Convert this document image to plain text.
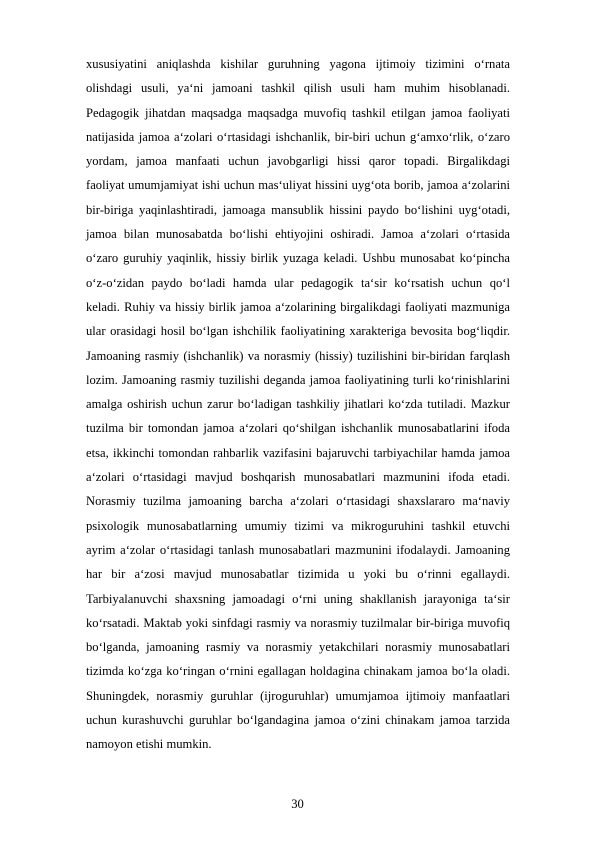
xususiyatini aniqlashda kishilar guruhning yagona ijtimoiy tizimini o‘rnata
olishdagi usuli, ya‘ni jamoani tashkil qilish usuli ham muhim hisoblanadi.
Pedagogik jihatdan maqsadga maqsadga muvofiq tashkil etilgan jamoa faoliyati
natijasida jamoa a‘zolari o‘rtasidagi ishchanlik, bir-biri uchun g‘amxo‘rlik, o‘zaro
yordam, jamoa manfaati uchun javobgarligi hissi qaror topadi. Birgalikdagi
faoliyat umumjamiyat ishi uchun mas‘uliyat hissini uyg‘ota borib, jamoa a‘zolarini
bir-biriga yaqinlashtiradi, jamoaga mansublik hissini paydo bo‘lishini uyg‘otadi,
jamoa bilan munosabatda bo‘lishi ehtiyojini oshiradi. Jamoa a‘zolari o‘rtasida
o‘zaro guruhiy yaqinlik, hissiy birlik yuzaga keladi. Ushbu munosabat ko‘pincha
o‘z-o‘zidan paydo bo‘ladi hamda ular pedagogik ta‘sir ko‘rsatish uchun qo‘l
keladi. Ruhiy va hissiy birlik jamoa a‘zolarining birgalikdagi faoliyati mazmuniga
ular orasidagi hosil bo‘lgan ishchilik faoliyatining xarakteriga bevosita bog‘liqdir.
Jamoaning rasmiy (ishchanlik) va norasmiy (hissiy) tuzilishini bir-biridan farqlash
lozim. Jamoaning rasmiy tuzilishi deganda jamoa faoliyatining turli ko‘rinishlarini
amalga oshirish uchun zarur bo‘ladigan tashkiliy jihatlari ko‘zda tutiladi. Mazkur
tuzilma bir tomondan jamoa a‘zolari qo‘shilgan ishchanlik munosabatlarini ifoda
etsa, ikkinchi tomondan rahbarlik vazifasini bajaruvchi tarbiyachilar hamda jamoa
a‘zolari o‘rtasidagi mavjud boshqarish munosabatlari mazmunini ifoda etadi.
Norasmiy tuzilma jamoaning barcha a‘zolari o‘rtasidagi shaxslararo ma‘naviy
psixologik munosabatlarning umumiy tizimi va mikroguruhini tashkil etuvchi
ayrim a‘zolar o‘rtasidagi tanlash munosabatlari mazmunini ifodalaydi. Jamoaning
har bir a‘zosi mavjud munosabatlar tizimida u yoki bu o‘rinni egallaydi.
Tarbiyalanuvchi shaxsning jamoadagi o‘rni uning shakllanish jarayoniga ta‘sir
ko‘rsatadi. Maktab yoki sinfdagi rasmiy va norasmiy tuzilmalar bir-biriga muvofiq
bo‘lganda, jamoaning rasmiy va norasmiy yetakchilari norasmiy munosabatlari
tizimda ko‘zga ko‘ringan o‘rnini egallagan holdagina chinakam jamoa bo‘la oladi.
Shuningdek, norasmiy guruhlar (ijroguruhlar) umumjamoa ijtimoiy manfaatlari
uchun kurashuvchi guruhlar bo‘lgandagina jamoa o‘zini chinakam jamoa tarzida
namoyon etishi mumkin.
30
